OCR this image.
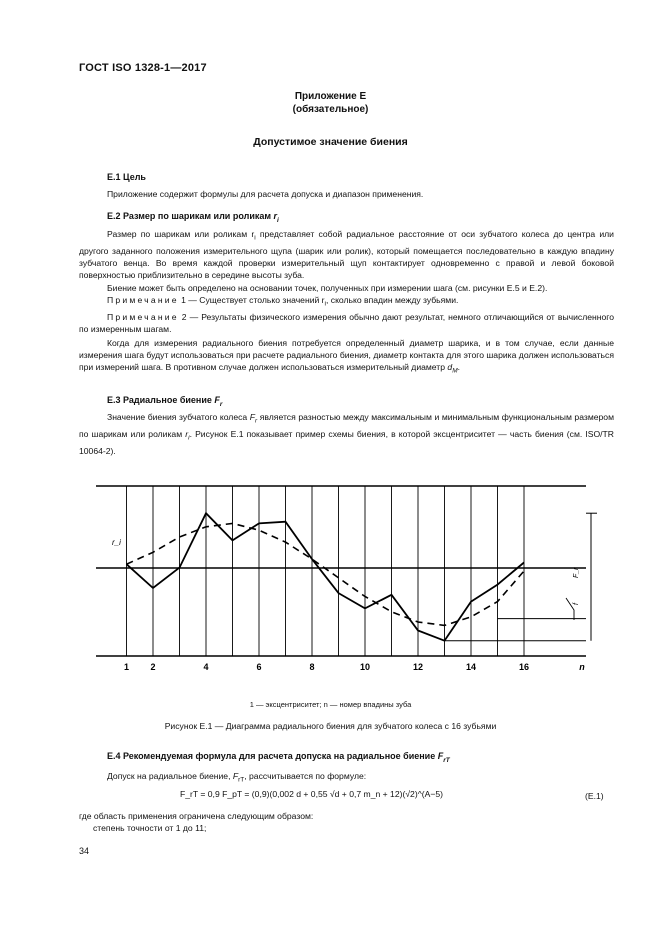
ГОСТ ISO 1328-1—2017
Приложение Е
(обязательное)
Допустимое значение биения
Е.1 Цель
Приложение содержит формулы для расчета допуска и диапазон применения.
Е.2 Размер по шарикам или роликам $r_i$

Размер по шарикам или роликам $r_i$ представляет собой радиальное расстояние от оси зубчатого колеса до центра или другого заданного положения измерительного щупа (шарик или ролик), который помещается последовательно в каждую впадину зубчатого венца. Во время каждой проверки измерительный щуп контактирует одновременно с правой и левой боковой поверхностью приблизительно в середине высоты зуба.

Биение может быть определено на основании точек, полученных при измерении шага (см. рисунки Е.5 и Е.2).

Примечание 1 — Существует столько значений $r_i$, сколько впадин между зубьями.

Примечание 2 — Результаты физического измерения обычно дают результат, немного отличающийся от вычисленного по измеренным шагам.

Когда для измерения радиального биения потребуется определенный диаметр шарика, и в том случае, если данные измерения шага будут использоваться при расчете радиального биения, диаметр контакта для этого шарика должен использоваться при измерений шага. В противном случае должен использоваться измерительный диаметр $d_M$.

Е.3 Радиальное биение $F_r$

Значение биения зубчатого колеса $F_r$ является разностью между максимальным и минимальным функциональным размером по шарикам или роликам $r_i$. Рисунок Е.1 показывает пример схемы биения, в которой эксцентриситет — часть биения (см. ISO/TR 10064-2).

1 2	4	6	8	10	12	14	16	n
r_i
F_r
f
1 — эксцентриситет; n — номер впадины зуба
Рисунок Е.1 — Диаграмма радиального биения для зубчатого колеса с 16 зубьями
Е.4 Рекомендуемая формула для расчета допуска на радиальное биение $F_{rT}$
Допуск на радиальное биение, $F_{rT}$, рассчитывается по формуле:
F_rT = 0,9 F_pT = (0,9)(0,002 d + 0,55 √d + 0,7 m_n + 12)(√2)^(A−5)	(Е.1)
где область применения ограничена следующим образом:
степень точности от 1 до 11;
34
